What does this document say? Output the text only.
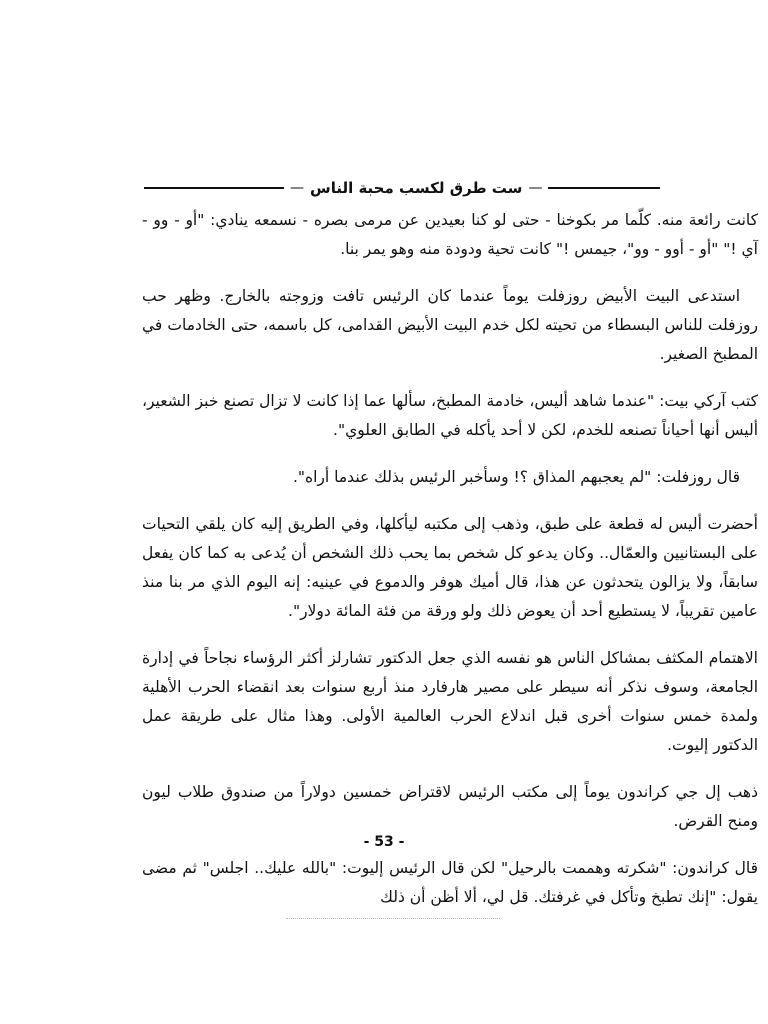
— ست طرق لكسب محبة الناس —

كانت رائعة منه. كلّما مر بكوخنا - حتى لو كنا بعيدين عن مرمى بصره - نسمعه ينادي: "أو - وو - آي !" "أو - أوو - وو"، جيمس !" كانت تحية ودودة منه وهو يمر بنا.

استدعى البيت الأبيض روزفلت يوماً عندما كان الرئيس تافت وزوجته بالخارج. وظهر حب روزفلت للناس البسطاء من تحيته لكل خدم البيت الأبيض القدامى، كل باسمه، حتى الخادمات في المطبخ الصغير.

كتب آركي بيت: "عندما شاهد أليس، خادمة المطبخ، سألها عما إذا كانت لا تزال تصنع خبز الشعير، أليس أنها أحياناً تصنعه للخدم، لكن لا أحد يأكله في الطابق العلوي".

قال روزفلت: "لم يعجبهم المذاق ؟! وسأخبر الرئيس بذلك عندما أراه".

أحضرت أليس له قطعة على طبق، وذهب إلى مكتبه ليأكلها، وفي الطريق إليه كان يلقي التحيات على البستانيين والعمّال.. وكان يدعو كل شخص بما يحب ذلك الشخص أن يُدعى به كما كان يفعل سابقاً، ولا يزالون يتحدثون عن هذا، قال أميك هوفر والدموع في عينيه: إنه اليوم الذي مر بنا منذ عامين تقريباً، لا يستطيع أحد أن يعوض ذلك ولو ورقة من فئة المائة دولار".

الاهتمام المكثف بمشاكل الناس هو نفسه الذي جعل الدكتور تشارلز أكثر الرؤساء نجاحاً في إدارة الجامعة، وسوف نذكر أنه سيطر على مصير هارفارد منذ أربع سنوات بعد انقضاء الحرب الأهلية ولمدة خمس سنوات أخرى قبل اندلاع الحرب العالمية الأولى. وهذا مثال على طريقة عمل الدكتور إليوت.

ذهب إل جي كراندون يوماً إلى مكتب الرئيس لاقتراض خمسين دولاراً من صندوق طلاب ليون ومنح القرض.

قال كراندون: "شكرته وهممت بالرحيل" لكن قال الرئيس إليوت: "بالله عليك.. اجلس" ثم مضى يقول: "إنك تطبخ وتأكل في غرفتك. قل لي، ألا أظن أن ذلك

- 53 -
